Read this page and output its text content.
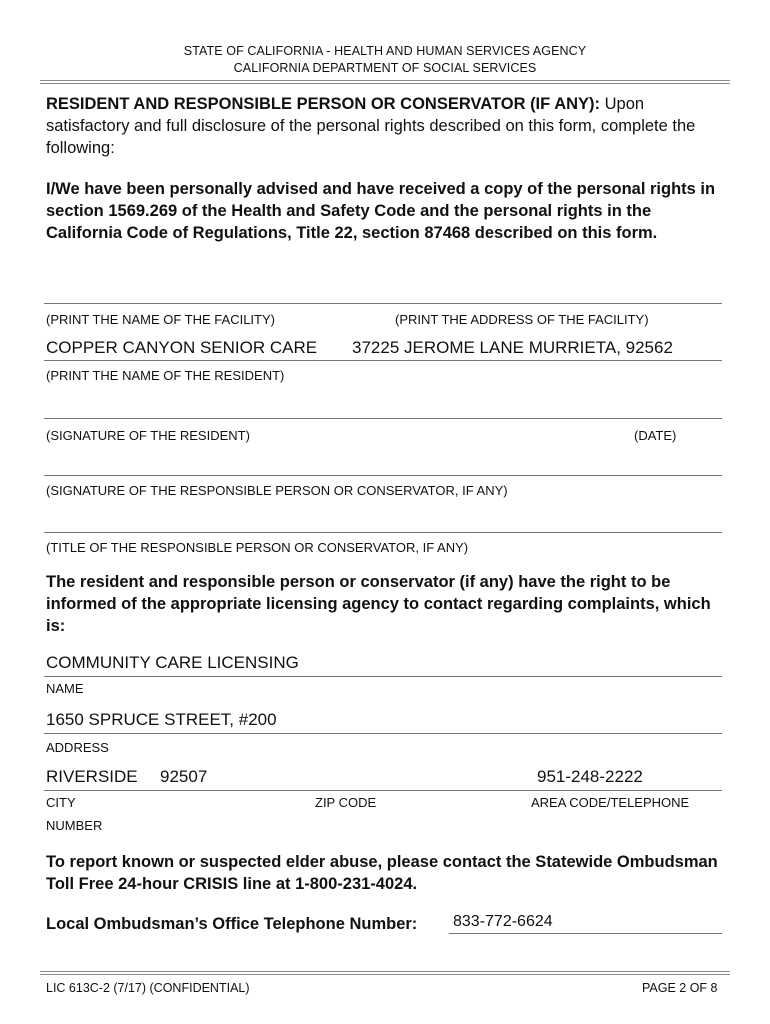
STATE OF CALIFORNIA - HEALTH AND HUMAN SERVICES AGENCY
CALIFORNIA DEPARTMENT OF SOCIAL SERVICES
RESIDENT AND RESPONSIBLE PERSON OR CONSERVATOR (IF ANY): Upon satisfactory and full disclosure of the personal rights described on this form, complete the following:
I/We have been personally advised and have received a copy of the personal rights in section 1569.269 of the Health and Safety Code and the personal rights in the California Code of Regulations, Title 22, section 87468 described on this form.
(PRINT THE NAME OF THE FACILITY)	(PRINT THE ADDRESS OF THE FACILITY)
COPPER CANYON SENIOR CARE 37225 JEROME LANE MURRIETA, 92562
(PRINT THE NAME OF THE RESIDENT)
(SIGNATURE OF THE RESIDENT)	(DATE)
(SIGNATURE OF THE RESPONSIBLE PERSON OR CONSERVATOR, IF ANY)
(TITLE OF THE RESPONSIBLE PERSON OR CONSERVATOR, IF ANY)
The resident and responsible person or conservator (if any) have the right to be informed of the appropriate licensing agency to contact regarding complaints, which is:
COMMUNITY CARE LICENSING
NAME
1650 SPRUCE STREET, #200
ADDRESS
RIVERSIDE 92507	951-248-2222
CITY	ZIP CODE	AREA CODE/TELEPHONE
NUMBER
To report known or suspected elder abuse, please contact the Statewide Ombudsman Toll Free 24-hour CRISIS line at 1-800-231-4024.
Local Ombudsman’s Office Telephone Number: 833-772-6624
LIC 613C-2 (7/17) (CONFIDENTIAL)	PAGE 2 OF 8
